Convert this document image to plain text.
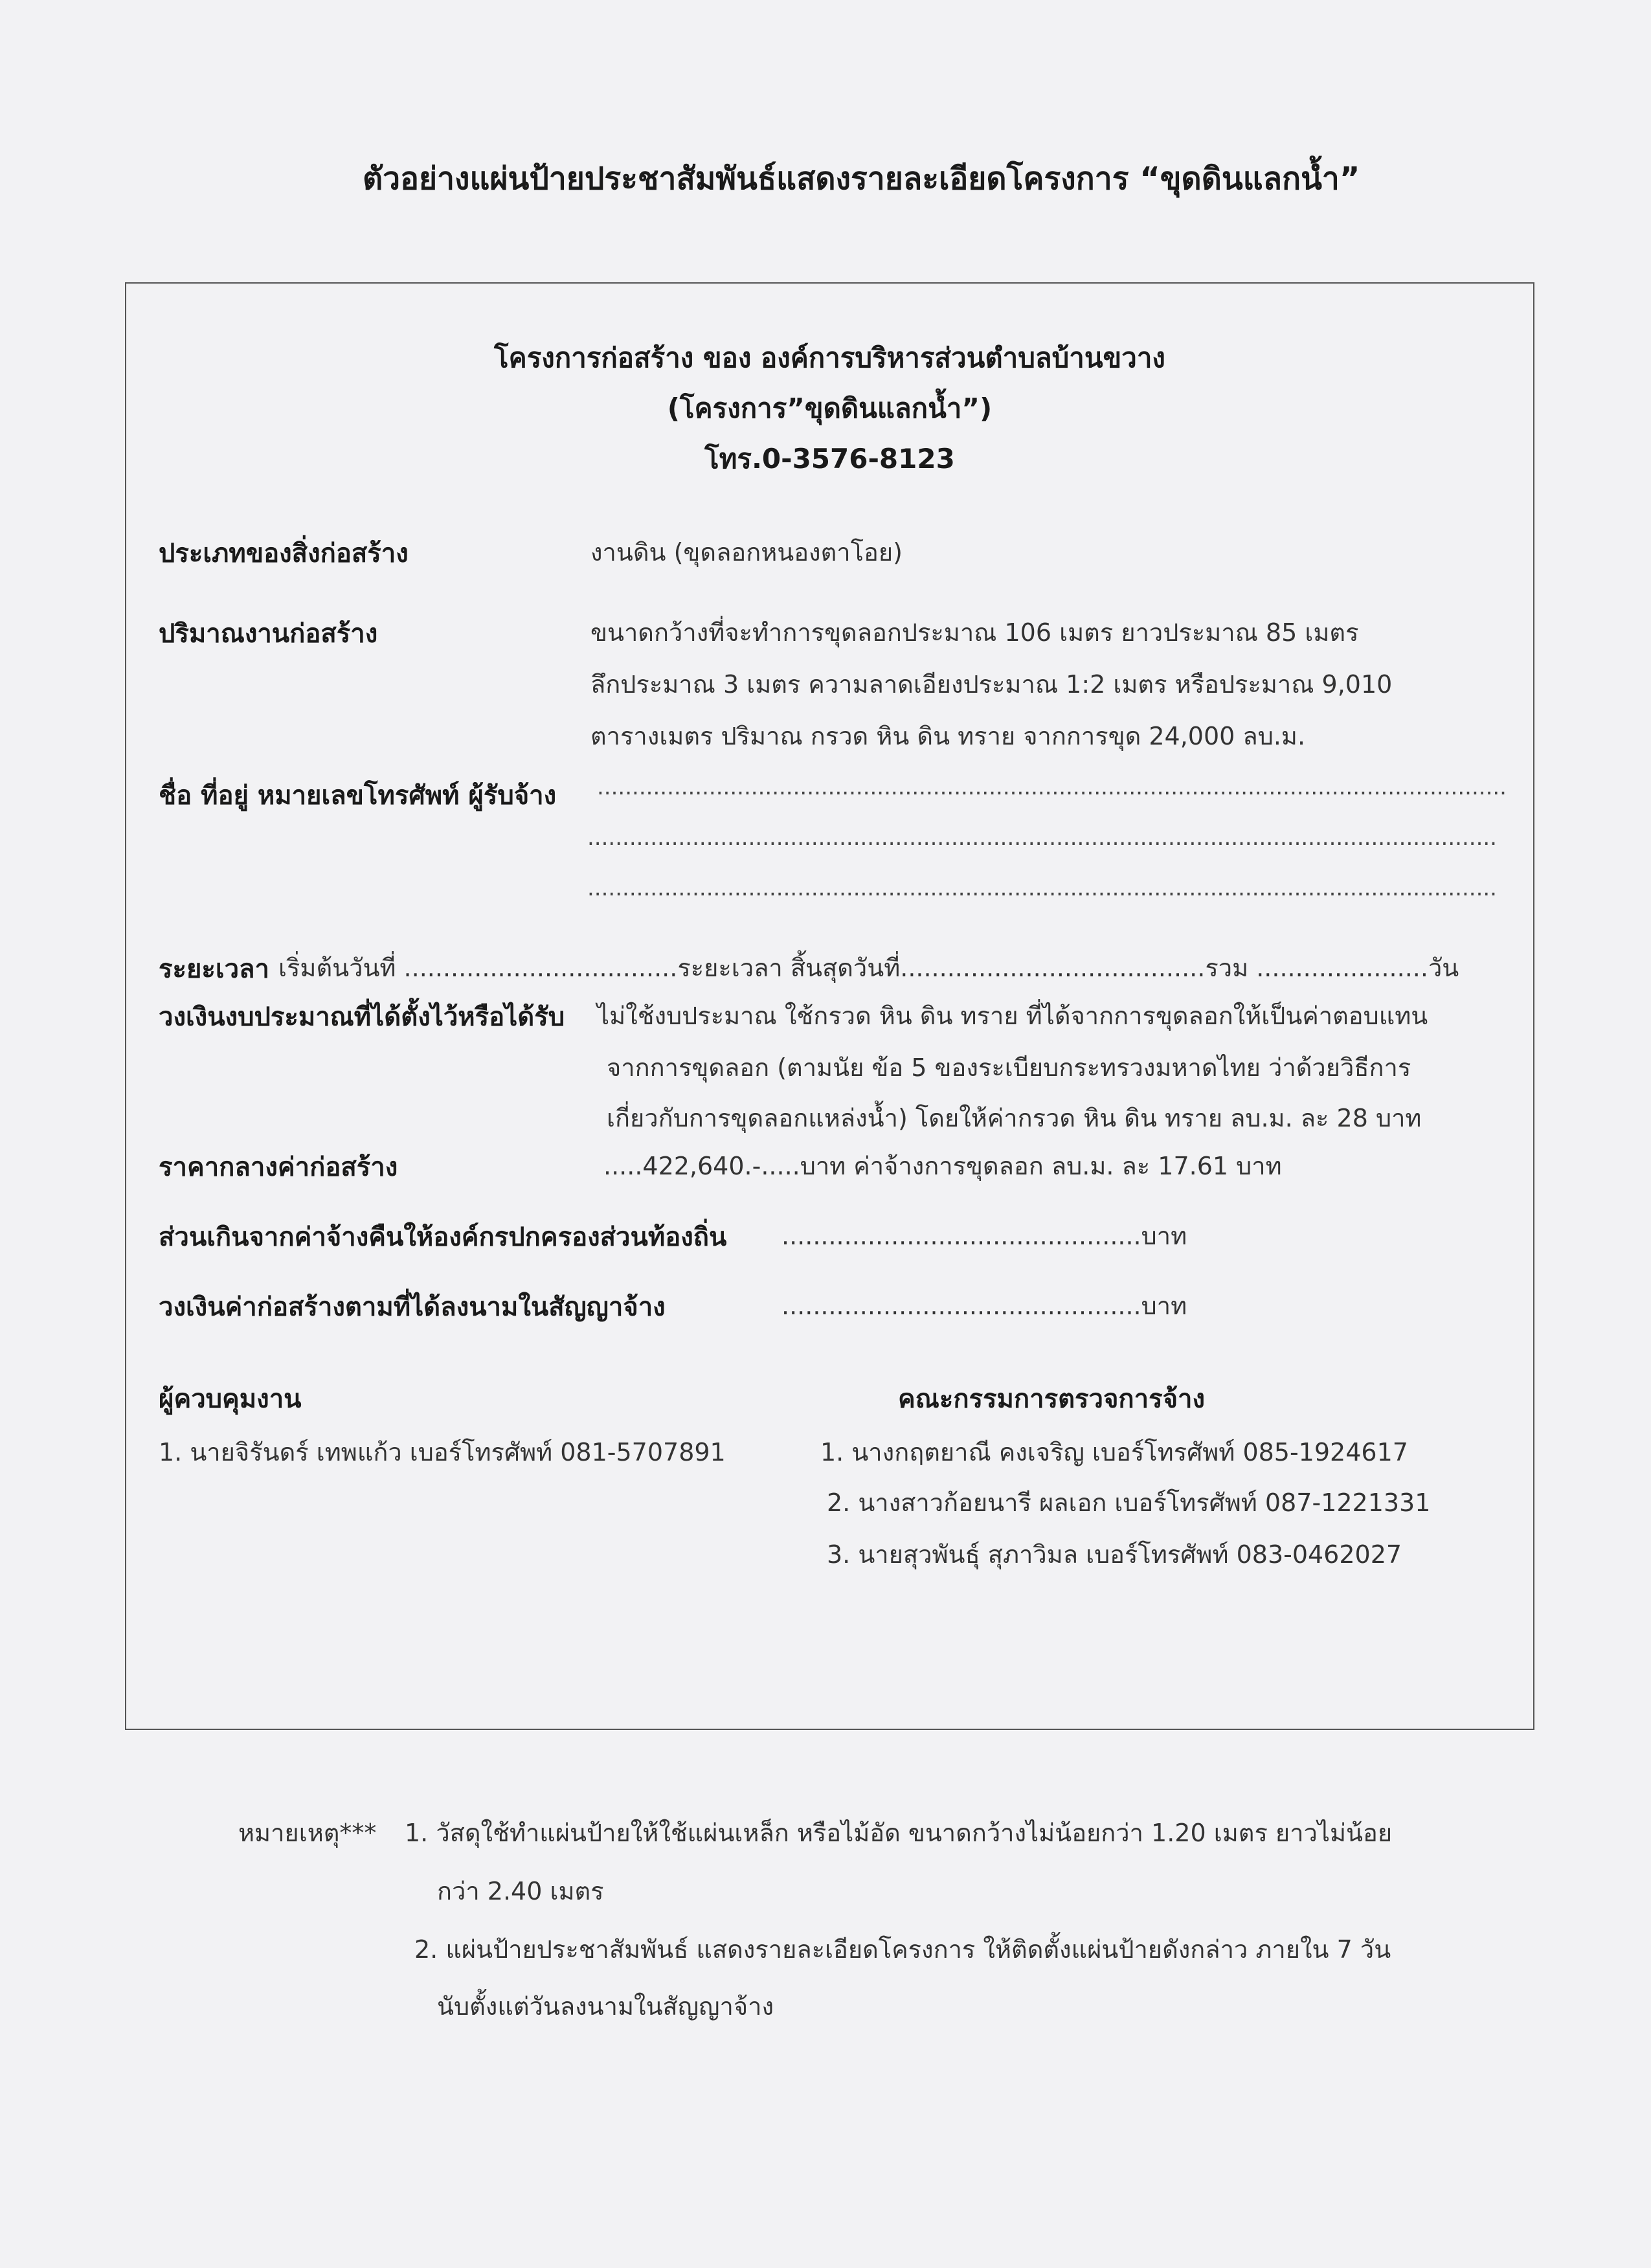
ตัวอย่างแผ่นป้ายประชาสัมพันธ์แสดงรายละเอียดโครงการ “ขุดดินแลกน้ำ”
โครงการก่อสร้าง ของ องค์การบริหารส่วนตำบลบ้านขวาง
(โครงการ”ขุดดินแลกน้ำ”)
โทร.0-3576-8123
ประเภทของสิ่งก่อสร้าง	งานดิน (ขุดลอกหนองตาโอย)
ปริมาณงานก่อสร้าง	ขนาดกว้างที่จะทำการขุดลอกประมาณ 106 เมตร ยาวประมาณ 85 เมตร
ลึกประมาณ 3 เมตร ความลาดเอียงประมาณ 1:2 เมตร หรือประมาณ 9,010
ตารางเมตร ปริมาณ กรวด หิน ดิน ทราย จากการขุด 24,000 ลบ.ม.
ชื่อ ที่อยู่ หมายเลขโทรศัพท์ ผู้รับจ้าง ..................................................................................................................................
..................................................................................................................................
..................................................................................................................................
ระยะเวลา เริ่มต้นวันที่ ...................................ระยะเวลา สิ้นสุดวันที่.......................................รวม ......................วัน
วงเงินงบประมาณที่ได้ตั้งไว้หรือได้รับ ไม่ใช้งบประมาณ ใช้กรวด หิน ดิน ทราย ที่ได้จากการขุดลอกให้เป็นค่าตอบแทน
จากการขุดลอก (ตามนัย ข้อ 5 ของระเบียบกระทรวงมหาดไทย ว่าด้วยวิธีการ
เกี่ยวกับการขุดลอกแหล่งน้ำ) โดยให้ค่ากรวด หิน ดิน ทราย ลบ.ม. ละ 28 บาท
ราคากลางค่าก่อสร้าง	.....422,640.-.....บาท ค่าจ้างการขุดลอก ลบ.ม. ละ 17.61 บาท
ส่วนเกินจากค่าจ้างคืนให้องค์กรปกครองส่วนท้องถิ่น ..............................................บาท
วงเงินค่าก่อสร้างตามที่ได้ลงนามในสัญญาจ้าง	..............................................บาท
ผู้ควบคุมงาน
1. นายจิรันดร์ เทพแก้ว เบอร์โทรศัพท์ 081-5707891
คณะกรรมการตรวจการจ้าง
1. นางกฤตยาณี คงเจริญ เบอร์โทรศัพท์ 085-1924617
2. นางสาวก้อยนารี ผลเอก เบอร์โทรศัพท์ 087-1221331
3. นายสุวพันธุ์ สุภาวิมล เบอร์โทรศัพท์ 083-0462027
หมายเหตุ*** 1. วัสดุใช้ทำแผ่นป้ายให้ใช้แผ่นเหล็ก หรือไม้อัด ขนาดกว้างไม่น้อยกว่า 1.20 เมตร ยาวไม่น้อย
กว่า 2.40 เมตร
2. แผ่นป้ายประชาสัมพันธ์ แสดงรายละเอียดโครงการ ให้ติดตั้งแผ่นป้ายดังกล่าว ภายใน 7 วัน
นับตั้งแต่วันลงนามในสัญญาจ้าง
